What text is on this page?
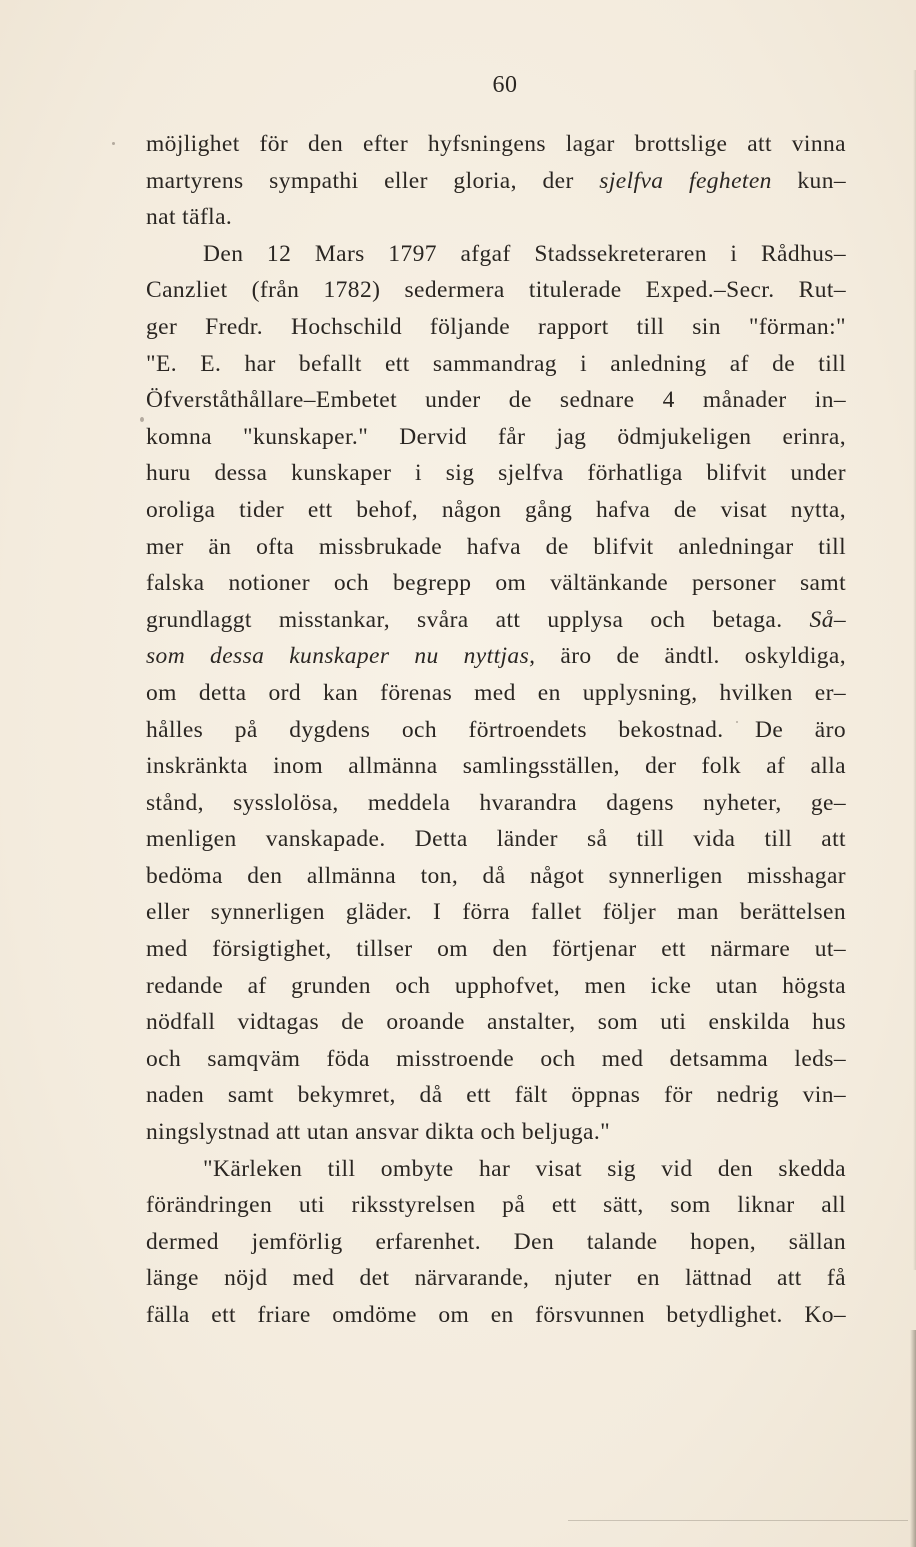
60
möjlighet för den efter hyfsningens lagar brottslige att vinna
martyrens sympathi eller gloria, der sjelfva fegheten kun–
nat täfla.
Den 12 Mars 1797 afgaf Stadssekreteraren i Rådhus–
Canzliet (från 1782) sedermera titulerade Exped.–Secr. Rut–
ger Fredr. Hochschild följande rapport till sin "förman:"
"E. E. har befallt ett sammandrag i anledning af de till
Öfverståthållare–Embetet under de sednare 4 månader in–
komna "kunskaper." Dervid får jag ödmjukeligen erinra,
huru dessa kunskaper i sig sjelfva förhatliga blifvit under
oroliga tider ett behof, någon gång hafva de visat nytta,
mer än ofta missbrukade hafva de blifvit anledningar till
falska notioner och begrepp om vältänkande personer samt
grundlaggt misstankar, svåra att upplysa och betaga. Så–
som dessa kunskaper nu nyttjas, äro de ändtl. oskyldiga,
om detta ord kan förenas med en upplysning, hvilken er–
hålles på dygdens och förtroendets bekostnad. De äro
inskränkta inom allmänna samlingsställen, der folk af alla
stånd, sysslolösa, meddela hvarandra dagens nyheter, ge–
menligen vanskapade. Detta länder så till vida till att
bedöma den allmänna ton, då något synnerligen misshagar
eller synnerligen gläder. I förra fallet följer man berättelsen
med försigtighet, tillser om den förtjenar ett närmare ut–
redande af grunden och upphofvet, men icke utan högsta
nödfall vidtagas de oroande anstalter, som uti enskilda hus
och samqväm föda misstroende och med detsamma leds–
naden samt bekymret, då ett fält öppnas för nedrig vin–
ningslystnad att utan ansvar dikta och beljuga."
"Kärleken till ombyte har visat sig vid den skedda
förändringen uti riksstyrelsen på ett sätt, som liknar all
dermed jemförlig erfarenhet. Den talande hopen, sällan
länge nöjd med det närvarande, njuter en lättnad att få
fälla ett friare omdöme om en försvunnen betydlighet. Ko–
